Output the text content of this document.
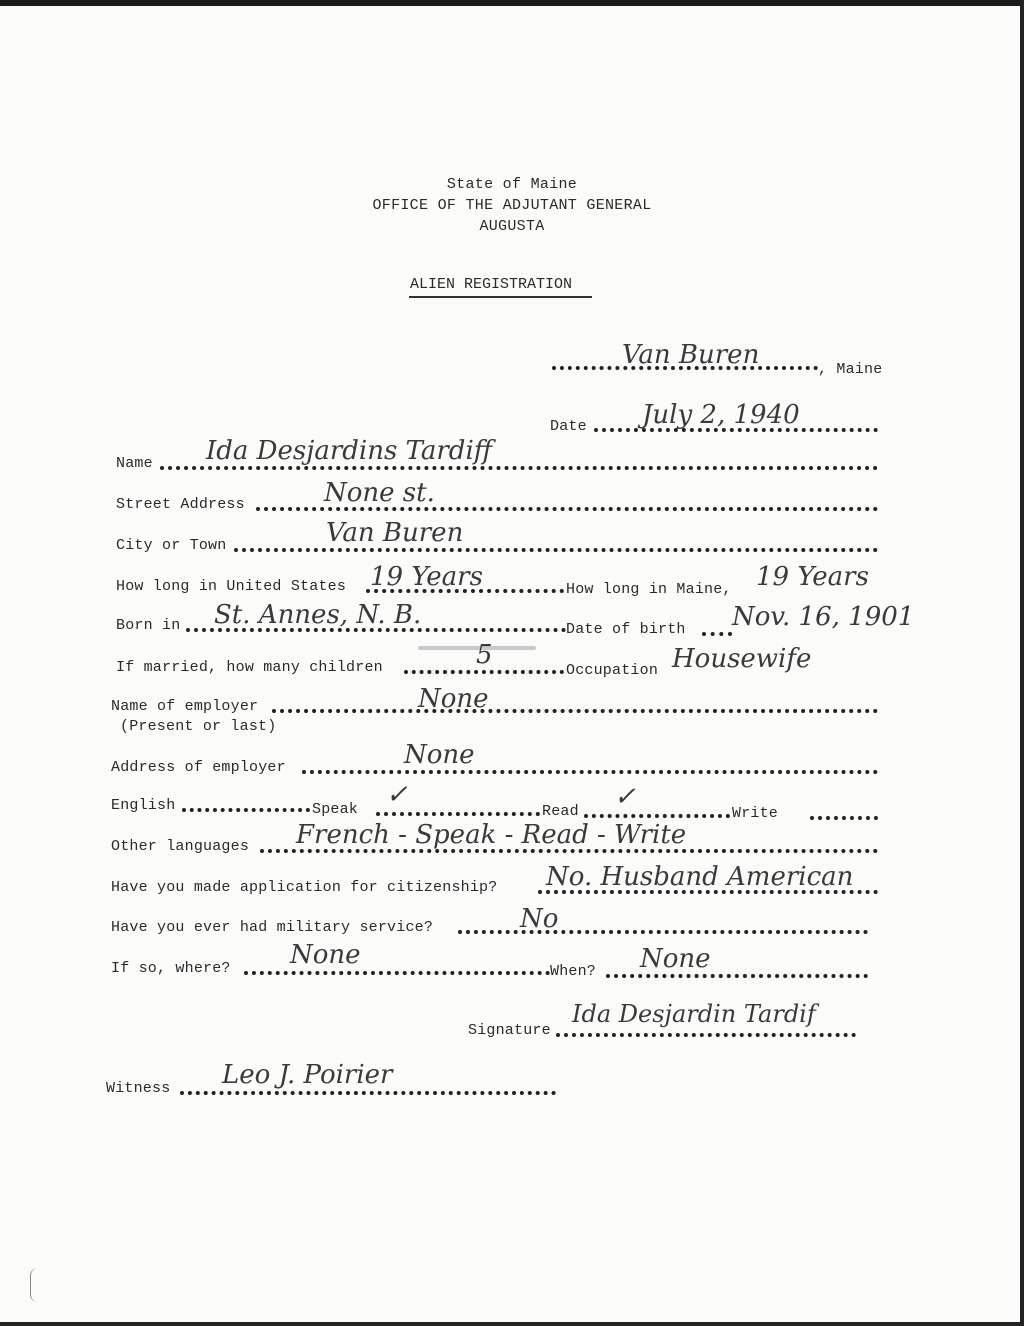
State of Maine
OFFICE OF THE ADJUTANT GENERAL
AUGUSTA
ALIEN REGISTRATION
Van Buren	, Maine
Date July 2, 1940
Name Ida Desjardins Tardiff
Street Address	None st.
City or Town	Van Buren
How long in United States 19 Years	How long in Maine, 19 Years
Born in St. Annes, N. B.	Date of birth Nov. 16, 1901
If married, how many children	5
Occupation Housewife
Name of employer
(Present or last)
None
Address of employer	None
English	Speak ✓
Read ✓
Write
Other languages French - Speak - Read - Write
Have you made application for citizenship? No. Husband American
Have you ever had military service?	No
If so, where? None
When? None
Signature
Ida Desjardin Tardif
Witness Leo J. Poirier
